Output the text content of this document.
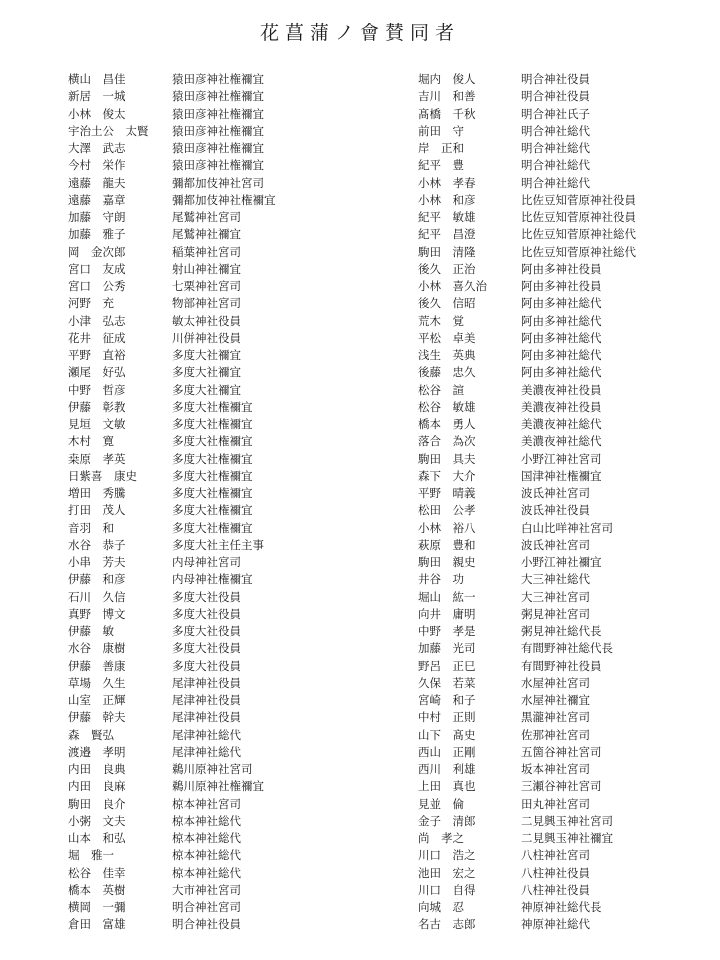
花菖蒲ノ會賛同者
横山　昌佳	猿田彦神社権禰宜
新居　一城	猿田彦神社権禰宜
小林　俊太	猿田彦神社権禰宜
宇治土公　太賢 猿田彦神社権禰宜
大澤　武志	猿田彦神社権禰宜
今村　栄作	猿田彦神社権禰宜
遠藤　龍夫	彌都加伎神社宮司
遠藤　嘉章	彌都加伎神社権禰宜
加藤　守朗	尾鷲神社宮司
加藤　雅子	尾鷲神社禰宜
岡　金次郎	稲葉神社宮司
宮口　友成	射山神社禰宜
宮口　公秀	七栗神社宮司
河野　充	物部神社宮司
小津　弘志	敏太神社役員
花井　征成	川併神社役員
平野　直裕	多度大社禰宜
瀬尾　好弘	多度大社禰宜
中野　哲彦	多度大社禰宜
伊藤　彰教	多度大社権禰宜
見垣　文敏	多度大社権禰宜
木村　寛	多度大社権禰宜
桒原　孝英	多度大社権禰宜
日紫喜　康史	多度大社権禰宜
増田　秀騰	多度大社権禰宜
打田　茂人	多度大社権禰宜
音羽　和	多度大社権禰宜
水谷　恭子	多度大社主任主事
小串　芳夫	内母神社宮司
伊藤　和彦	内母神社権禰宜
石川　久信	多度大社役員
真野　博文	多度大社役員
伊藤　敏	多度大社役員
水谷　康樹	多度大社役員
伊藤　善康	多度大社役員
草場　久生	尾津神社役員
山室　正輝	尾津神社役員
伊藤　幹夫	尾津神社役員
森　賢弘	尾津神社総代
渡邉　孝明	尾津神社総代
内田　良典	鵜川原神社宮司
内田　良麻	鵜川原神社権禰宜
駒田　良介	椋本神社宮司
小粥　文夫	椋本神社総代
山本　和弘	椋本神社総代
堀　雅一	椋本神社総代
松谷　佳幸	椋本神社総代
橋本　英樹	大市神社宮司
横岡　一彌	明合神社宮司
倉田　富雄	明合神社役員
堀内　俊人	明合神社役員
吉川　和善	明合神社役員
髙橋　千秋	明合神社氏子
前田　守	明合神社総代
岸　正和	明合神社総代
紀平　豊	明合神社総代
小林　孝春	明合神社総代
小林　和彦	比佐豆知菅原神社役員
紀平　敏雄	比佐豆知菅原神社役員
紀平　昌澄	比佐豆知菅原神社総代
駒田　清隆	比佐豆知菅原神社総代
後久　正治	阿由多神社役員
小林　喜久治	阿由多神社役員
後久　信昭	阿由多神社総代
荒木　覚	阿由多神社総代
平松　卓美	阿由多神社総代
浅生　英典	阿由多神社総代
後藤　忠久	阿由多神社総代
松谷　諠	美濃夜神社役員
松谷　敏雄	美濃夜神社役員
橋本　勇人	美濃夜神社総代
落合　為次	美濃夜神社総代
駒田　具夫	小野江神社宮司
森下　大介	国津神社権禰宜
平野　晴義	波氐神社宮司
松田　公孝	波氐神社役員
小林　裕八	白山比咩神社宮司
萩原　豊和	波氐神社宮司
駒田　親史	小野江神社禰宜
井谷　功	大三神社総代
堀山　紘一	大三神社宮司
向井　庸明	粥見神社宮司
中野　孝是	粥見神社総代長
加藤　光司	有間野神社総代長
野呂　正巳	有間野神社役員
久保　若菜	水屋神社宮司
宮崎　和子	水屋神社禰宜
中村　正則	黒瀧神社宮司
山下　髙史	佐那神社宮司
西山　正剛	五箇谷神社宮司
西川　利雄	坂本神社宮司
上田　真也	三瀬谷神社宮司
見並　倫	田丸神社宮司
金子　清郎	二見興玉神社宮司
尚　孝之	二見興玉神社禰宜
川口　浩之	八柱神社宮司
池田　宏之	八柱神社役員
川口　自得	八柱神社役員
向城　忍	神原神社総代長
名古　志郎	神原神社総代
